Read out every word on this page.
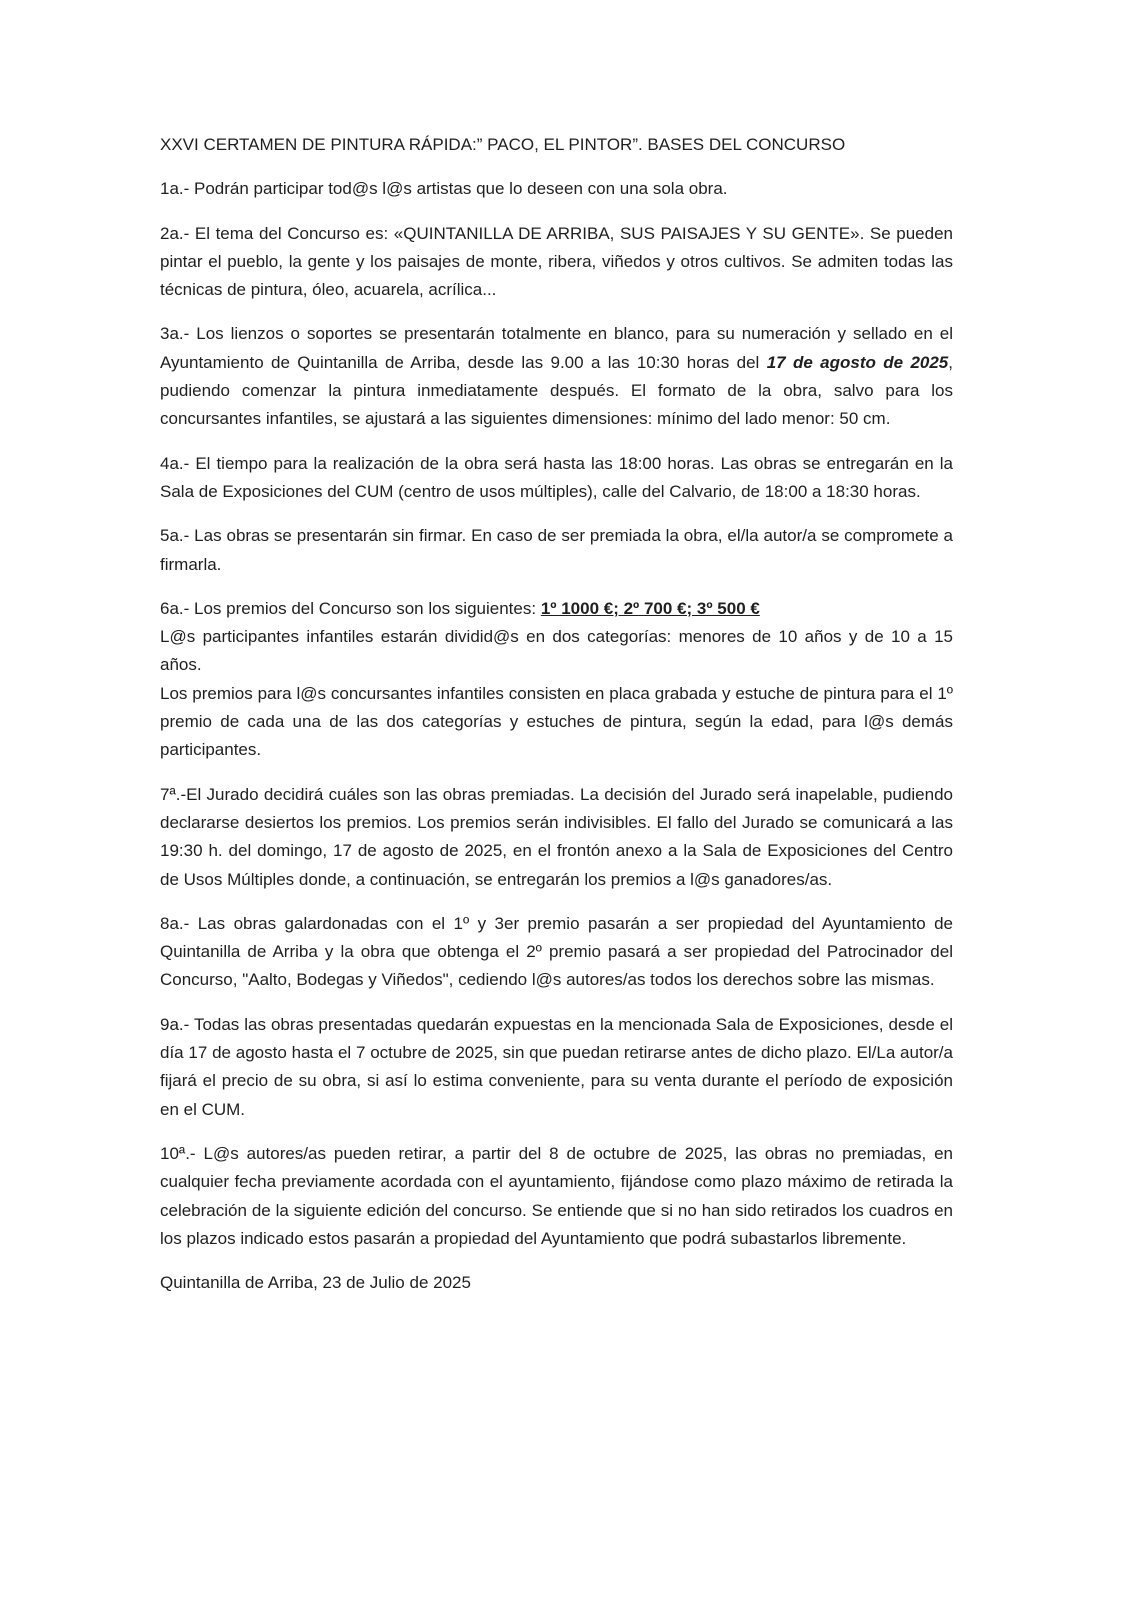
XXVI CERTAMEN DE PINTURA RÁPIDA:” PACO, EL PINTOR”. BASES DEL CONCURSO

1a.- Podrán participar tod@s l@s artistas que lo deseen con una sola obra.

2a.- El tema del Concurso es: «QUINTANILLA DE ARRIBA, SUS PAISAJES Y SU GENTE». Se pueden pintar el pueblo, la gente y los paisajes de monte, ribera, viñedos y otros cultivos. Se admiten todas las técnicas de pintura, óleo, acuarela, acrílica...

3a.- Los lienzos o soportes se presentarán totalmente en blanco, para su numeración y sellado en el Ayuntamiento de Quintanilla de Arriba, desde las 9.00 a las 10:30 horas del 17 de agosto de 2025, pudiendo comenzar la pintura inmediatamente después. El formato de la obra, salvo para los concursantes infantiles, se ajustará a las siguientes dimensiones: mínimo del lado menor: 50 cm.

4a.- El tiempo para la realización de la obra será hasta las 18:00 horas. Las obras se entregarán en la Sala de Exposiciones del CUM (centro de usos múltiples), calle del Calvario, de 18:00 a 18:30 horas.

5a.- Las obras se presentarán sin firmar. En caso de ser premiada la obra, el/la autor/a se compromete a firmarla.

6a.- Los premios del Concurso son los siguientes: 1º 1000 €; 2º 700 €; 3º 500 €

L@s participantes infantiles estarán dividid@s en dos categorías: menores de 10 años y de 10 a 15 años.

Los premios para l@s concursantes infantiles consisten en placa grabada y estuche de pintura para el 1º premio de cada una de las dos categorías y estuches de pintura, según la edad, para l@s demás participantes.

7ª.-El Jurado decidirá cuáles son las obras premiadas. La decisión del Jurado será inapelable, pudiendo declararse desiertos los premios. Los premios serán indivisibles. El fallo del Jurado se comunicará a las 19:30 h. del domingo, 17 de agosto de 2025, en el frontón anexo a la Sala de Exposiciones del Centro de Usos Múltiples donde, a continuación, se entregarán los premios a l@s ganadores/as.

8a.- Las obras galardonadas con el 1º y 3er premio pasarán a ser propiedad del Ayuntamiento de Quintanilla de Arriba y la obra que obtenga el 2º premio pasará a ser propiedad del Patrocinador del Concurso, "Aalto, Bodegas y Viñedos", cediendo l@s autores/as todos los derechos sobre las mismas.

9a.- Todas las obras presentadas quedarán expuestas en la mencionada Sala de Exposiciones, desde el día 17 de agosto hasta el 7 octubre de 2025, sin que puedan retirarse antes de dicho plazo. El/La autor/a fijará el precio de su obra, si así lo estima conveniente, para su venta durante el período de exposición en el CUM.

10ª.- L@s autores/as pueden retirar, a partir del 8 de octubre de 2025, las obras no premiadas, en cualquier fecha previamente acordada con el ayuntamiento, fijándose como plazo máximo de retirada la celebración de la siguiente edición del concurso. Se entiende que si no han sido retirados los cuadros en los plazos indicado estos pasarán a propiedad del Ayuntamiento que podrá subastarlos libremente.

Quintanilla de Arriba, 23 de Julio de 2025
